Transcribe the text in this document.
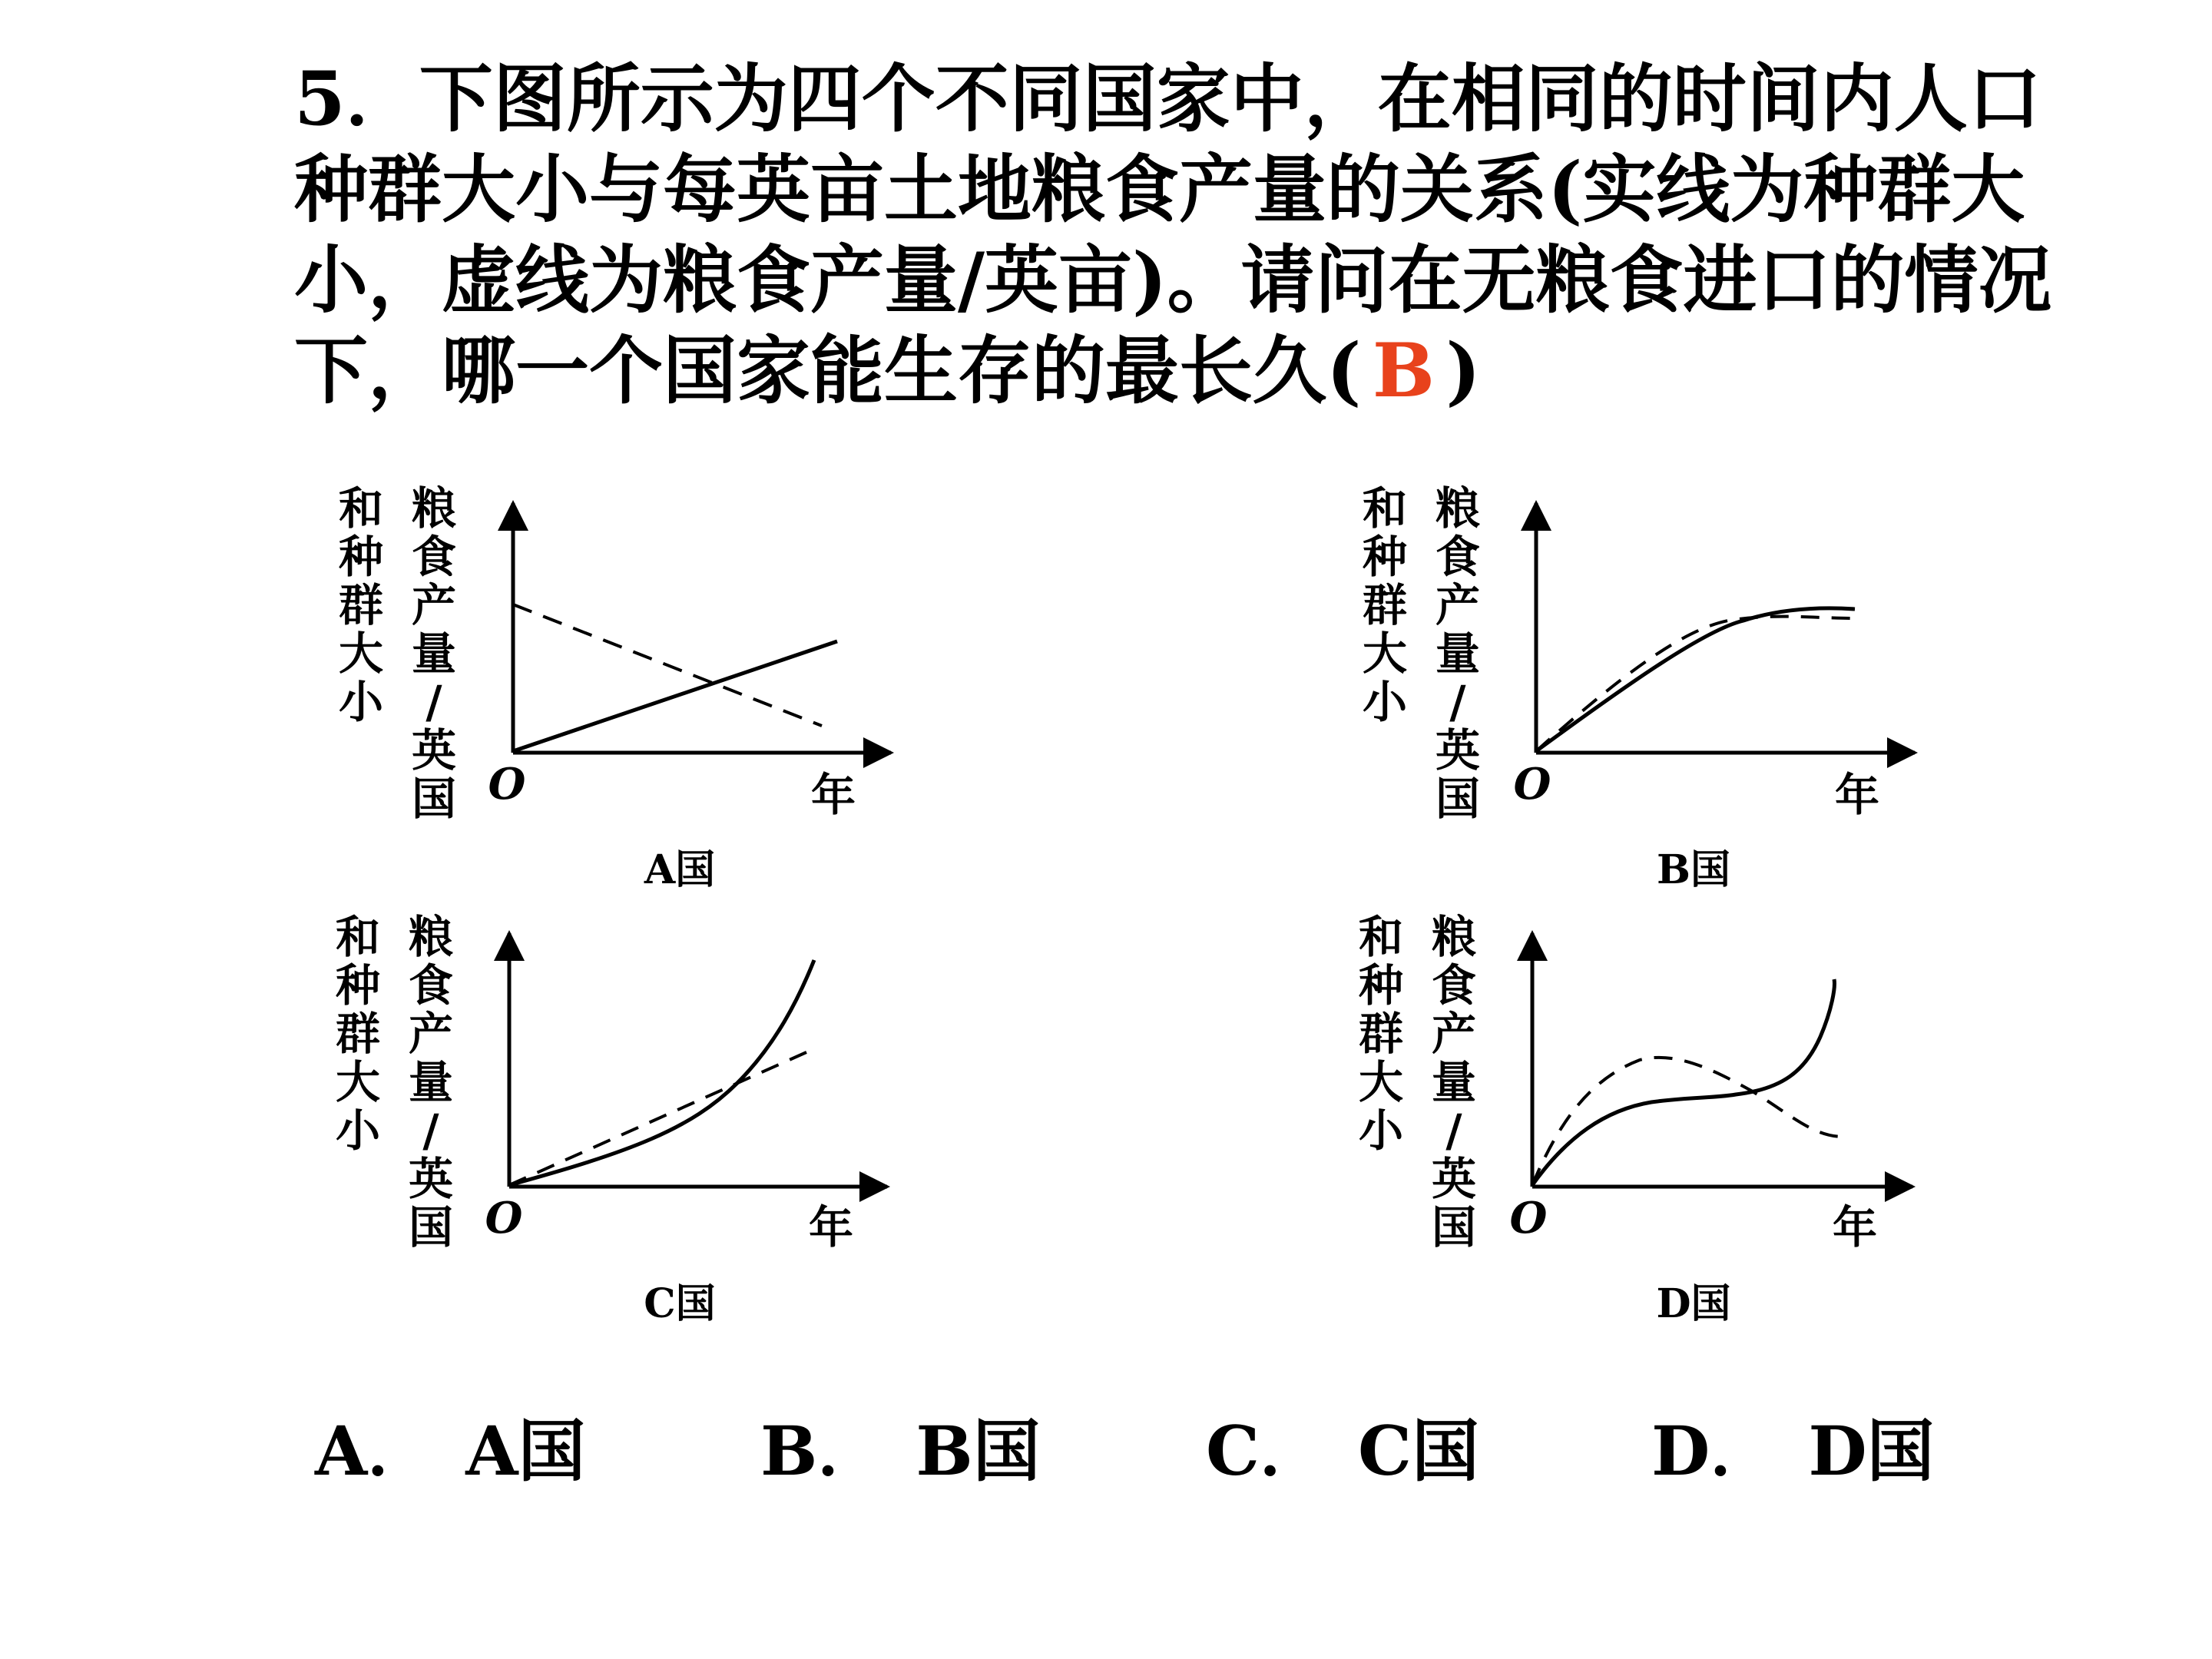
5．下图所示为四个不同国家中，在相同的时间内人口
种群大小与每英亩土地粮食产量的关系(实线为种群大
小，虚线为粮食产量/英亩)。请问在无粮食进口的情况
下，哪一个国家能生存的最长久( B )
和
种
群
大
小
粮
食
产
量
/
英
国 O	年
A国
和
种
群
大
小
粮
食
产
量
/
英
国 O	年
B国
和
种
群
大
小
粮
食
产
量
/
英
国 O	年
C国
和
种
群
大
小
粮
食
产
量
/
英
国 O	年
D国
A． A国	B． B国 C． C国	D． D国
